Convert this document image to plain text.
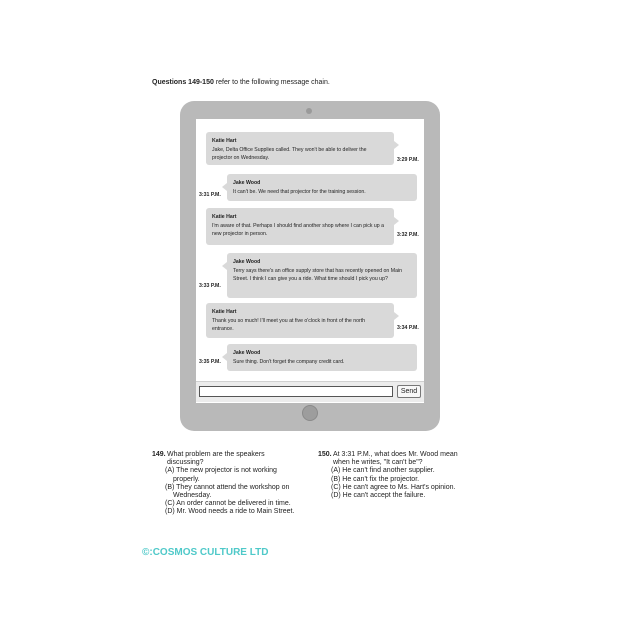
Questions 149-150 refer to the following message chain.
Katie Hart
Jake, Delta Office Supplies called. They won't be able to deliver the projector on Wednesday.	3:29 P.M.
3:31 P.M.
Jake Wood
It can't be. We need that projector for the training session.
Katie Hart
I'm aware of that. Perhaps I should find another shop where I can pick up a new projector in person.	3:32 P.M.
3:33 P.M.
Jake Wood
Terry says there's an office supply store that has recently opened on Main Street. I think I can give you a ride. What time should I pick you up?
Katie Hart
Thank you so much! I'll meet you at five o'clock in front of the north entrance.	3:34 P.M.
3:35 P.M.
Jake Wood
Sure thing. Don't forget the company credit card.
Send
149. What problem are the speakers discussing?
(A) The new projector is not working properly.
(B) They cannot attend the workshop on Wednesday.
(C) An order cannot be delivered in time.
(D) Mr. Wood needs a ride to Main Street.
150. At 3:31 P.M., what does Mr. Wood mean when he writes, "It can't be"?
(A) He can't find another supplier.
(B) He can't fix the projector.
(C) He can't agree to Ms. Hart's opinion.
(D) He can't accept the failure.
©:COSMOS CULTURE LTD
